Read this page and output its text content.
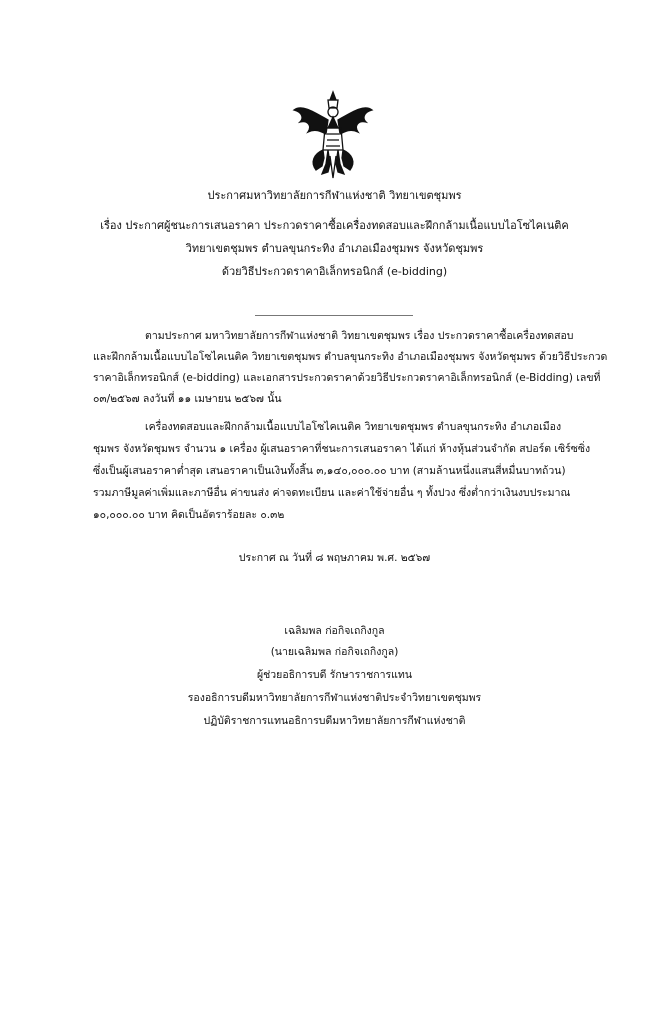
ประกาศมหาวิทยาลัยการกีฬาแห่งชาติ วิทยาเขตชุมพร
เรื่อง ประกาศผู้ชนะการเสนอราคา ประกวดราคาซื้อเครื่องทดสอบและฝึกกล้ามเนื้อแบบไอโซไคเนติค
วิทยาเขตชุมพร ตำบลขุนกระทิง อำเภอเมืองชุมพร จังหวัดชุมพร
ด้วยวิธีประกวดราคาอิเล็กทรอนิกส์ (e-bidding)
ตามประกาศ มหาวิทยาลัยการกีฬาแห่งชาติ วิทยาเขตชุมพร เรื่อง ประกวดราคาซื้อเครื่องทดสอบ
และฝึกกล้ามเนื้อแบบไอโซไคเนติค วิทยาเขตชุมพร ตำบลขุนกระทิง อำเภอเมืองชุมพร จังหวัดชุมพร ด้วยวิธีประกวด
ราคาอิเล็กทรอนิกส์ (e-bidding) และเอกสารประกวดราคาด้วยวิธีประกวดราคาอิเล็กทรอนิกส์ (e-Bidding) เลขที่
๐๓/๒๕๖๗ ลงวันที่ ๑๑ เมษายน ๒๕๖๗ นั้น
เครื่องทดสอบและฝึกกล้ามเนื้อแบบไอโซไคเนติค วิทยาเขตชุมพร ตำบลขุนกระทิง อำเภอเมือง
ชุมพร จังหวัดชุมพร จำนวน ๑ เครื่อง ผู้เสนอราคาที่ชนะการเสนอราคา ได้แก่ ห้างหุ้นส่วนจำกัด สปอร์ต เซิร์ซซิ่ง
ซึ่งเป็นผู้เสนอราคาต่ำสุด เสนอราคาเป็นเงินทั้งสิ้น ๓,๑๔๐,๐๐๐.๐๐ บาท (สามล้านหนึ่งแสนสี่หมื่นบาทถ้วน)
รวมภาษีมูลค่าเพิ่มและภาษีอื่น ค่าขนส่ง ค่าจดทะเบียน และค่าใช้จ่ายอื่น ๆ ทั้งปวง ซึ่งต่ำกว่าเงินงบประมาณ
๑๐,๐๐๐.๐๐ บาท คิดเป็นอัตราร้อยละ ๐.๓๒
ประกาศ ณ วันที่ ๘ พฤษภาคม พ.ศ. ๒๕๖๗
เฉลิมพล ก่อกิจเถกิงกูล
(นายเฉลิมพล ก่อกิจเถกิงกูล)
ผู้ช่วยอธิการบดี รักษาราชการแทน
รองอธิการบดีมหาวิทยาลัยการกีฬาแห่งชาติประจำวิทยาเขตชุมพร
ปฏิบัติราชการแทนอธิการบดีมหาวิทยาลัยการกีฬาแห่งชาติ
